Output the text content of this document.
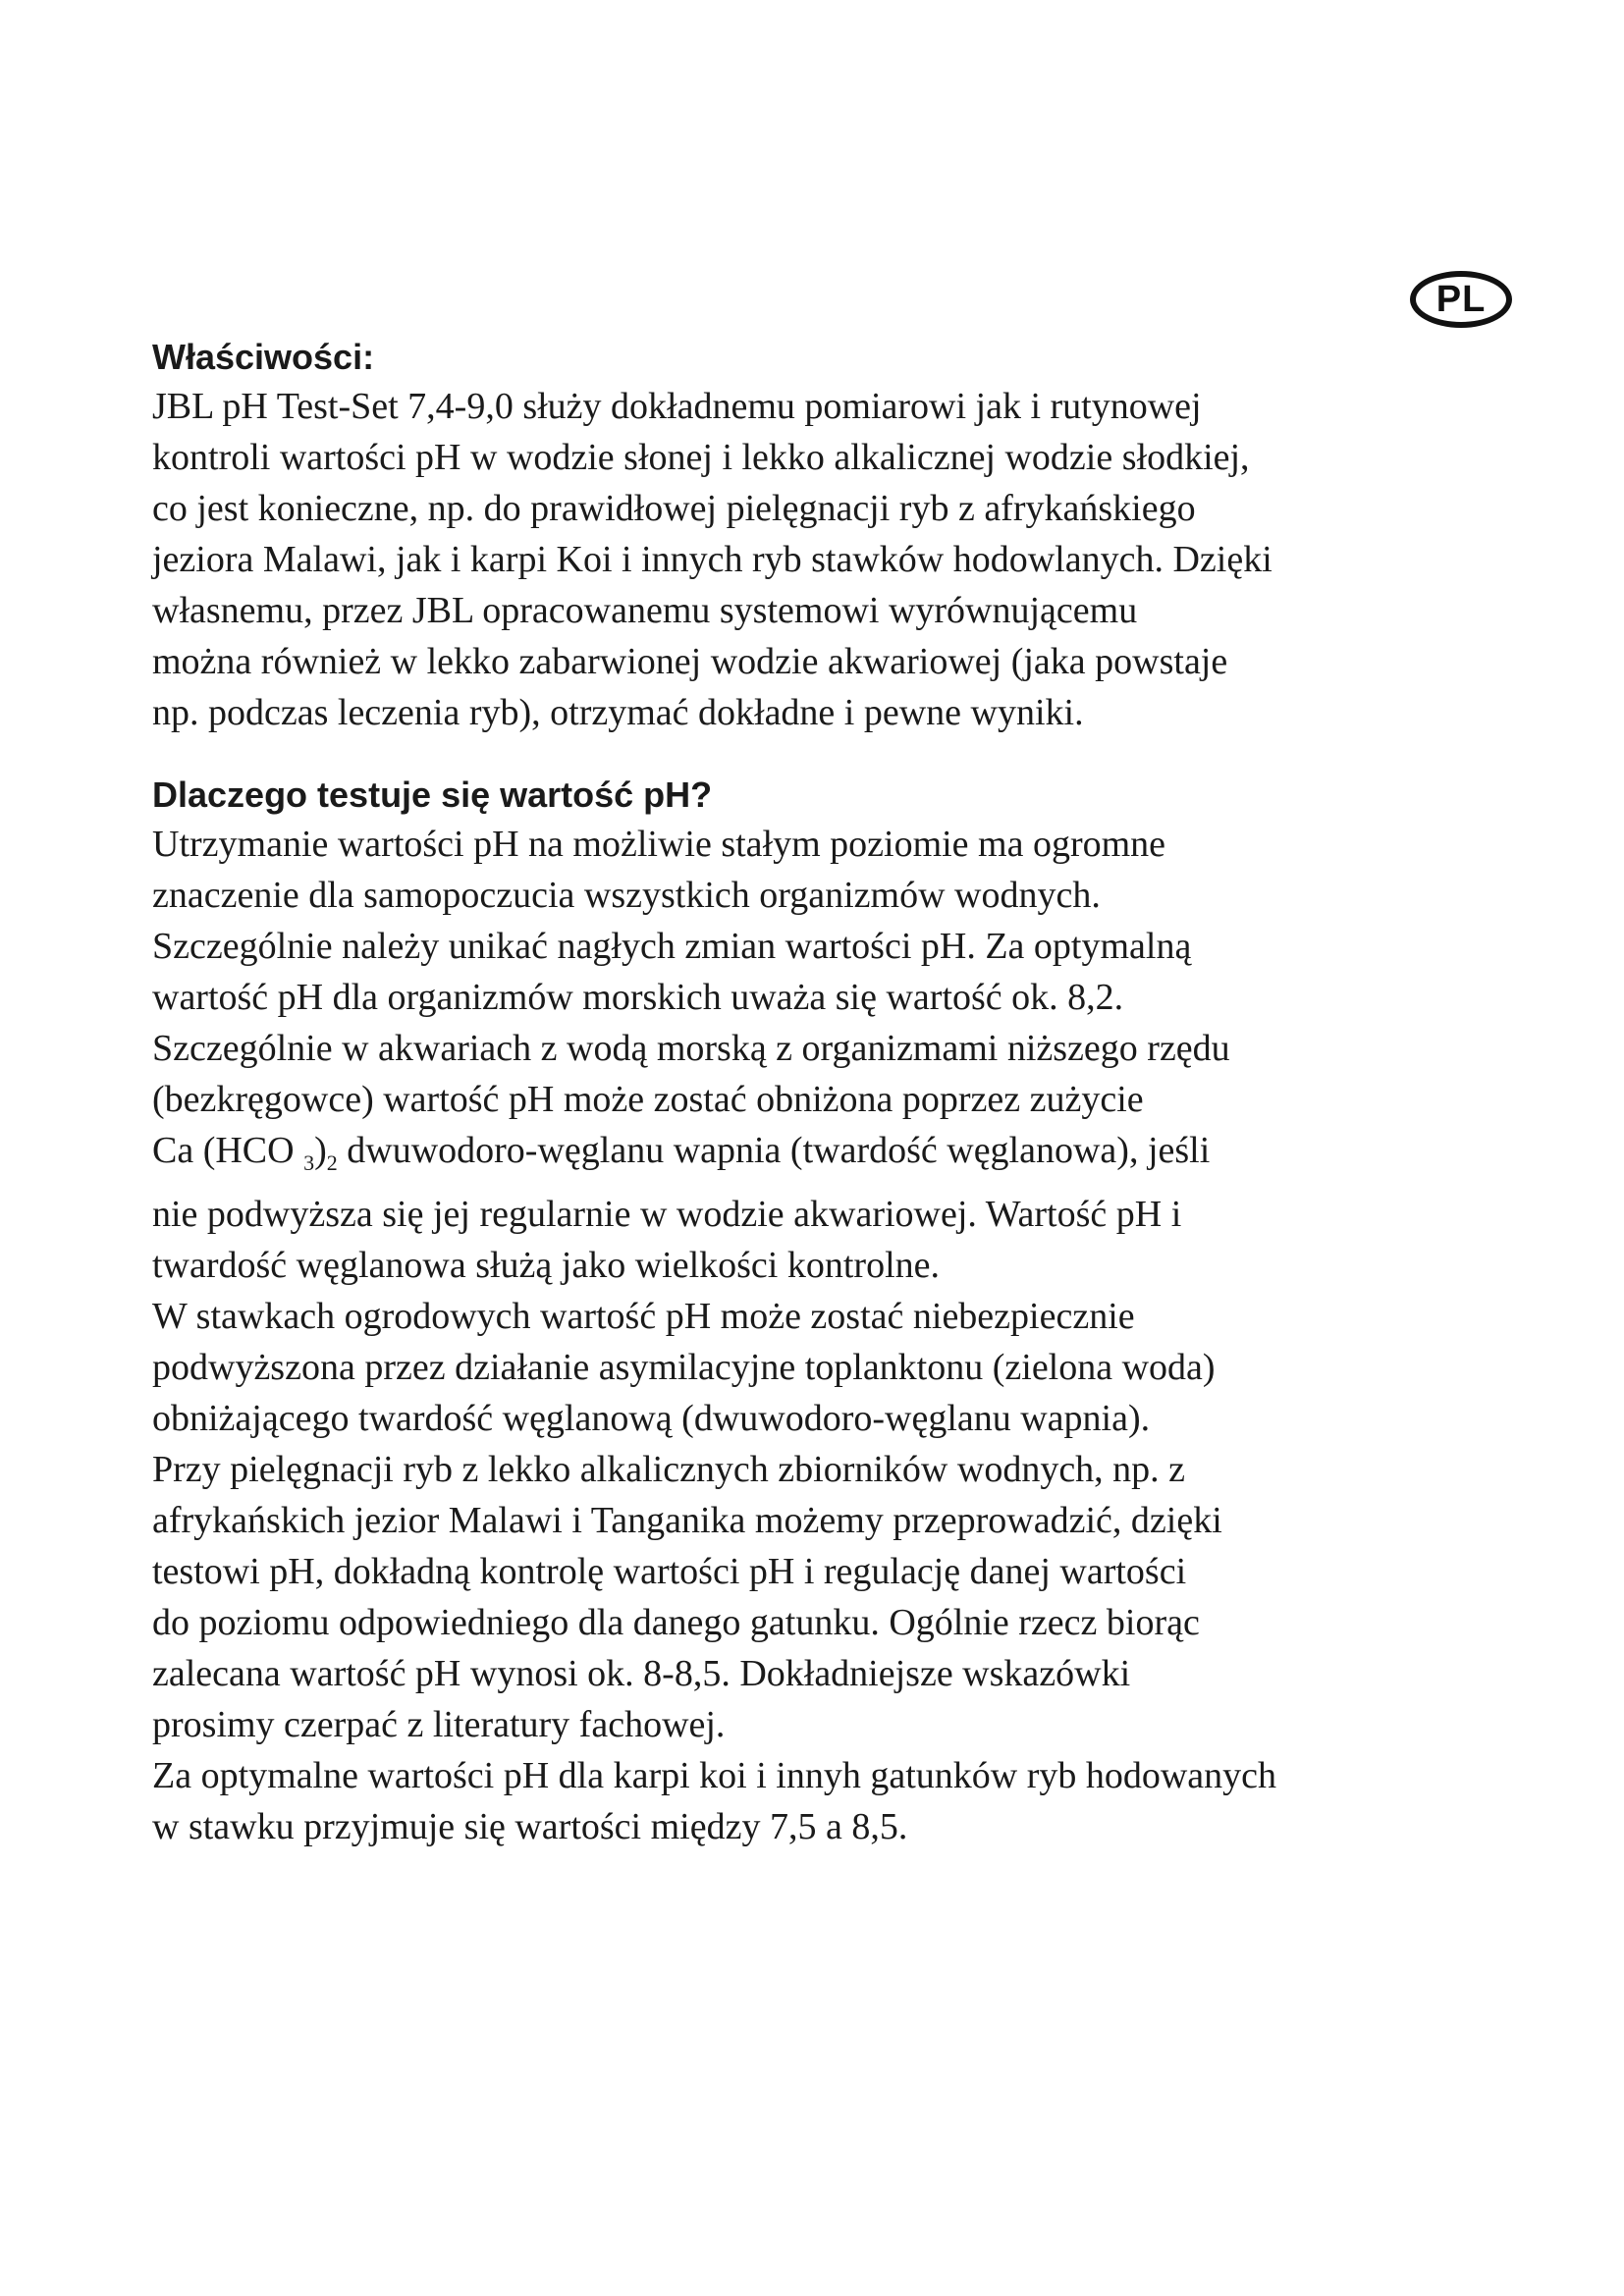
PL
Właściwości:
JBL pH Test-Set 7,4-9,0 służy dokładnemu pomiarowi jak i rutynowej
kontroli wartości pH w wodzie słonej i lekko alkalicznej wodzie słodkiej,
co jest konieczne, np. do prawidłowej pielęgnacji ryb z afrykańskiego
jeziora Malawi, jak i karpi Koi i innych ryb stawków hodowlanych. Dzięki
własnemu, przez JBL opracowanemu systemowi wyrównującemu
można również w lekko zabarwionej wodzie akwariowej (jaka powstaje
np. podczas leczenia ryb), otrzymać dokładne i pewne wyniki.
Dlaczego testuje się wartość pH?
Utrzymanie wartości pH na możliwie stałym poziomie ma ogromne
znaczenie dla samopoczucia wszystkich organizmów wodnych.
Szczególnie należy unikać nagłych zmian wartości pH. Za optymalną
wartość pH dla organizmów morskich uważa się wartość ok. 8,2.
Szczególnie w akwariach z wodą morską z organizmami niższego rzędu
(bezkręgowce) wartość pH może zostać obniżona poprzez zużycie
Ca (HCO $_3)_2$ dwuwodoro-węglanu wapnia (twardość węglanowa), jeśli
nie podwyższa się jej regularnie w wodzie akwariowej. Wartość pH i
twardość węglanowa służą jako wielkości kontrolne.
W stawkach ogrodowych wartość pH może zostać niebezpiecznie
podwyższona przez działanie asymilacyjne toplanktonu (zielona woda)
obniżającego twardość węglanową (dwuwodoro-węglanu wapnia).
Przy pielęgnacji ryb z lekko alkalicznych zbiorników wodnych, np. z
afrykańskich jezior Malawi i Tanganika możemy przeprowadzić, dzięki
testowi pH, dokładną kontrolę wartości pH i regulację danej wartości
do poziomu odpowiedniego dla danego gatunku. Ogólnie rzecz biorąc
zalecana wartość pH wynosi ok. 8-8,5. Dokładniejsze wskazówki
prosimy czerpać z literatury fachowej.
Za optymalne wartości pH dla karpi koi i innyh gatunków ryb hodowanych
w stawku przyjmuje się wartości między 7,5 a 8,5.
